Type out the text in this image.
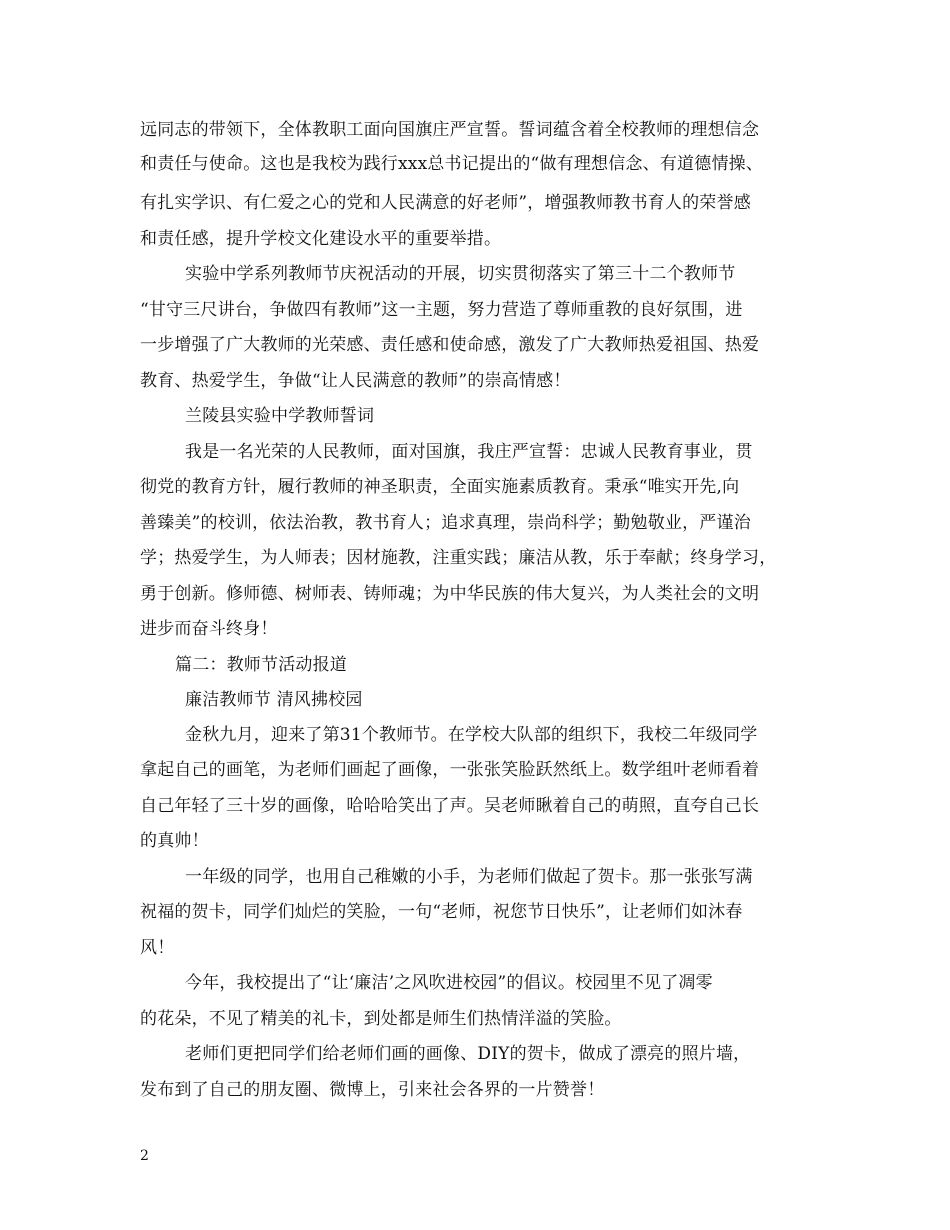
远同志的带领下，全体教职工面向国旗庄严宣誓。誓词蕴含着全校教师的理想信念
和责任与使命。这也是我校为践行xxx总书记提出的“做有理想信念、有道德情操、
有扎实学识、有仁爱之心的党和人民满意的好老师”，增强教师教书育人的荣誉感
和责任感，提升学校文化建设水平的重要举措。
实验中学系列教师节庆祝活动的开展，切实贯彻落实了第三十二个教师节
“甘守三尺讲台，争做四有教师”这一主题，努力营造了尊师重教的良好氛围，进
一步增强了广大教师的光荣感、责任感和使命感，激发了广大教师热爱祖国、热爱
教育、热爱学生，争做“让人民满意的教师”的崇高情感！
兰陵县实验中学教师誓词
我是一名光荣的人民教师，面对国旗，我庄严宣誓：忠诚人民教育事业，贯
彻党的教育方针，履行教师的神圣职责，全面实施素质教育。秉承“唯实开先,向
善臻美”的校训，依法治教，教书育人；追求真理，崇尚科学；勤勉敬业，严谨治
学；热爱学生，为人师表；因材施教，注重实践；廉洁从教，乐于奉献；终身学习，
勇于创新。修师德、树师表、铸师魂；为中华民族的伟大复兴，为人类社会的文明
进步而奋斗终身！
篇二：教师节活动报道
廉洁教师节 清风拂校园
金秋九月，迎来了第31个教师节。在学校大队部的组织下，我校二年级同学
拿起自己的画笔，为老师们画起了画像，一张张笑脸跃然纸上。数学组叶老师看着
自己年轻了三十岁的画像，哈哈哈笑出了声。吴老师瞅着自己的萌照，直夸自己长
的真帅！
一年级的同学，也用自己稚嫩的小手，为老师们做起了贺卡。那一张张写满
祝福的贺卡，同学们灿烂的笑脸，一句“老师，祝您节日快乐”，让老师们如沐春
风！
今年，我校提出了“让‘廉洁’之风吹进校园”的倡议。校园里不见了凋零
的花朵，不见了精美的礼卡，到处都是师生们热情洋溢的笑脸。
老师们更把同学们给老师们画的画像、DIY的贺卡，做成了漂亮的照片墙，
发布到了自己的朋友圈、微博上，引来社会各界的一片赞誉！
2
